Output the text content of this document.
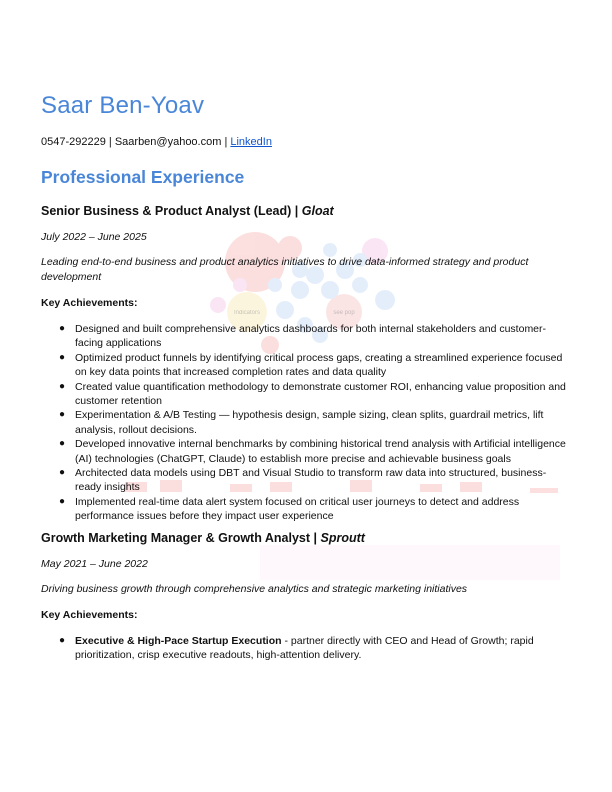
Indicators	see pop
Saar Ben-Yoav
0547-292229 | Saarben@yahoo.com | LinkedIn
Professional Experience
Senior Business & Product Analyst (Lead) | Gloat
July 2022 – June 2025
Leading end-to-end business and product analytics initiatives to drive data-informed strategy and product development
Key Achievements:
● Designed and built comprehensive analytics dashboards for both internal stakeholders and customer-facing applications
● Optimized product funnels by identifying critical process gaps, creating a streamlined experience focused on key data points that increased completion rates and data quality
● Created value quantification methodology to demonstrate customer ROI, enhancing value proposition and customer retention
● Experimentation & A/B Testing — hypothesis design, sample sizing, clean splits, guardrail metrics, lift analysis, rollout decisions.
● Developed innovative internal benchmarks by combining historical trend analysis with Artificial intelligence (AI) technologies (ChatGPT, Claude) to establish more precise and achievable business goals
● Architected data models using DBT and Visual Studio to transform raw data into structured, business-ready insights
● Implemented real-time data alert system focused on critical user journeys to detect and address performance issues before they impact user experience
Growth Marketing Manager & Growth Analyst | Sproutt
May 2021 – June 2022
Driving business growth through comprehensive analytics and strategic marketing initiatives
Key Achievements:
● Executive & High-Pace Startup Execution - partner directly with CEO and Head of Growth; rapid prioritization, crisp executive readouts, high-attention delivery.
